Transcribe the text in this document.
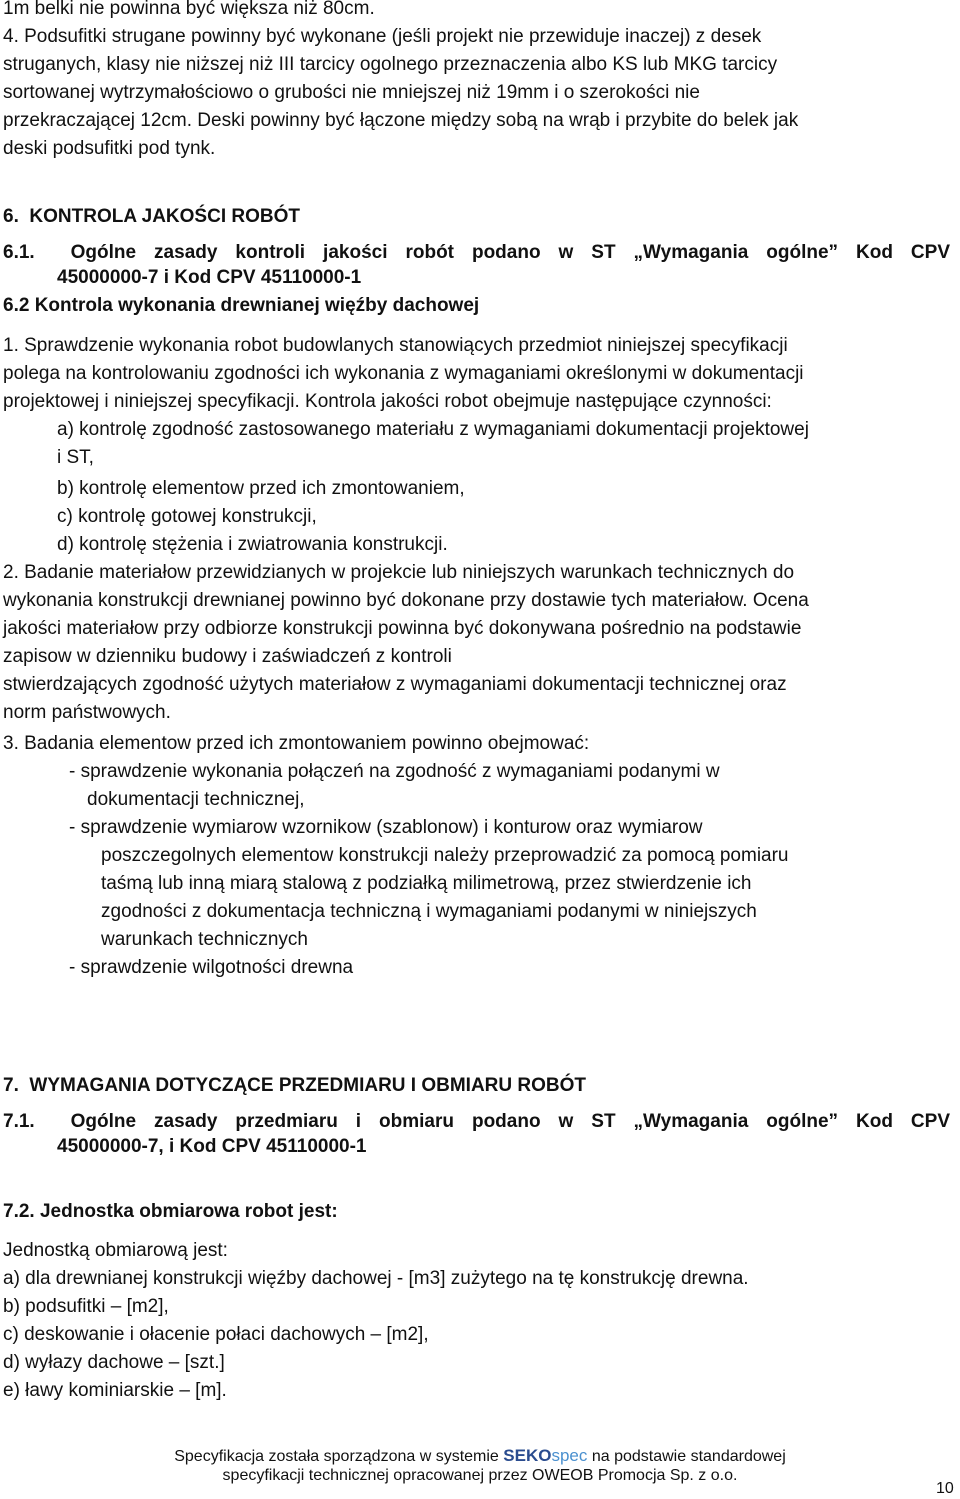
1m belki nie powinna być większa niż 80cm.
4. Podsufitki strugane powinny być wykonane (jeśli projekt nie przewiduje inaczej) z desek
struganych, klasy nie niższej niż III tarcicy ogolnego przeznaczenia albo KS lub MKG tarcicy
sortowanej wytrzymałościowo o grubości nie mniejszej niż 19mm i o szerokości nie
przekraczającej 12cm. Deski powinny być łączone między sobą na wrąb i przybite do belek jak
deski podsufitki pod tynk.
6.  KONTROLA JAKOŚCI ROBÓT
6.1.  Ogólne zasady kontroli jakości robót podano w ST „Wymagania ogólne” Kod CPV
45000000-7 i Kod CPV 45110000-1
6.2 Kontrola wykonania drewnianej więźby dachowej
1. Sprawdzenie wykonania robot budowlanych stanowiących przedmiot niniejszej specyfikacji
polega na kontrolowaniu zgodności ich wykonania z wymaganiami określonymi w dokumentacji
projektowej i niniejszej specyfikacji. Kontrola jakości robot obejmuje następujące czynności:
a) kontrolę zgodność zastosowanego materiału z wymaganiami dokumentacji projektowej
i ST,
b) kontrolę elementow przed ich zmontowaniem,
c) kontrolę gotowej konstrukcji,
d) kontrolę stężenia i zwiatrowania konstrukcji.
2. Badanie materiałow przewidzianych w projekcie lub niniejszych warunkach technicznych do
wykonania konstrukcji drewnianej powinno być dokonane przy dostawie tych materiałow. Ocena
jakości materiałow przy odbiorze konstrukcji powinna być dokonywana pośrednio na podstawie
zapisow w dzienniku budowy i zaświadczeń z kontroli
stwierdzających zgodność użytych materiałow z wymaganiami dokumentacji technicznej oraz
norm państwowych.
3. Badania elementow przed ich zmontowaniem powinno obejmować:
- sprawdzenie wykonania połączeń na zgodność z wymaganiami podanymi w
dokumentacji technicznej,
- sprawdzenie wymiarow wzornikow (szablonow) i konturow oraz wymiarow
poszczegolnych elementow konstrukcji należy przeprowadzić za pomocą pomiaru
taśmą lub inną miarą stalową z podziałką milimetrową, przez stwierdzenie ich
zgodności z dokumentacja techniczną i wymaganiami podanymi w niniejszych
warunkach technicznych
- sprawdzenie wilgotności drewna
7.  WYMAGANIA DOTYCZĄCE PRZEDMIARU I OBMIARU ROBÓT
7.1.  Ogólne zasady przedmiaru i obmiaru podano w ST „Wymagania ogólne” Kod CPV
45000000-7, i Kod CPV 45110000-1
7.2. Jednostka obmiarowa robot jest:
Jednostką obmiarową jest:
a) dla drewnianej konstrukcji więźby dachowej - [m3] zużytego na tę konstrukcję drewna.
b) podsufitki – [m2],
c) deskowanie i ołacenie połaci dachowych – [m2],
d) wyłazy dachowe – [szt.]
e) ławy kominiarskie – [m].
Specyfikacja została sporządzona w systemie SEKOspec na podstawie standardowej
specyfikacji technicznej opracowanej przez OWEOB Promocja Sp. z o.o.
10
